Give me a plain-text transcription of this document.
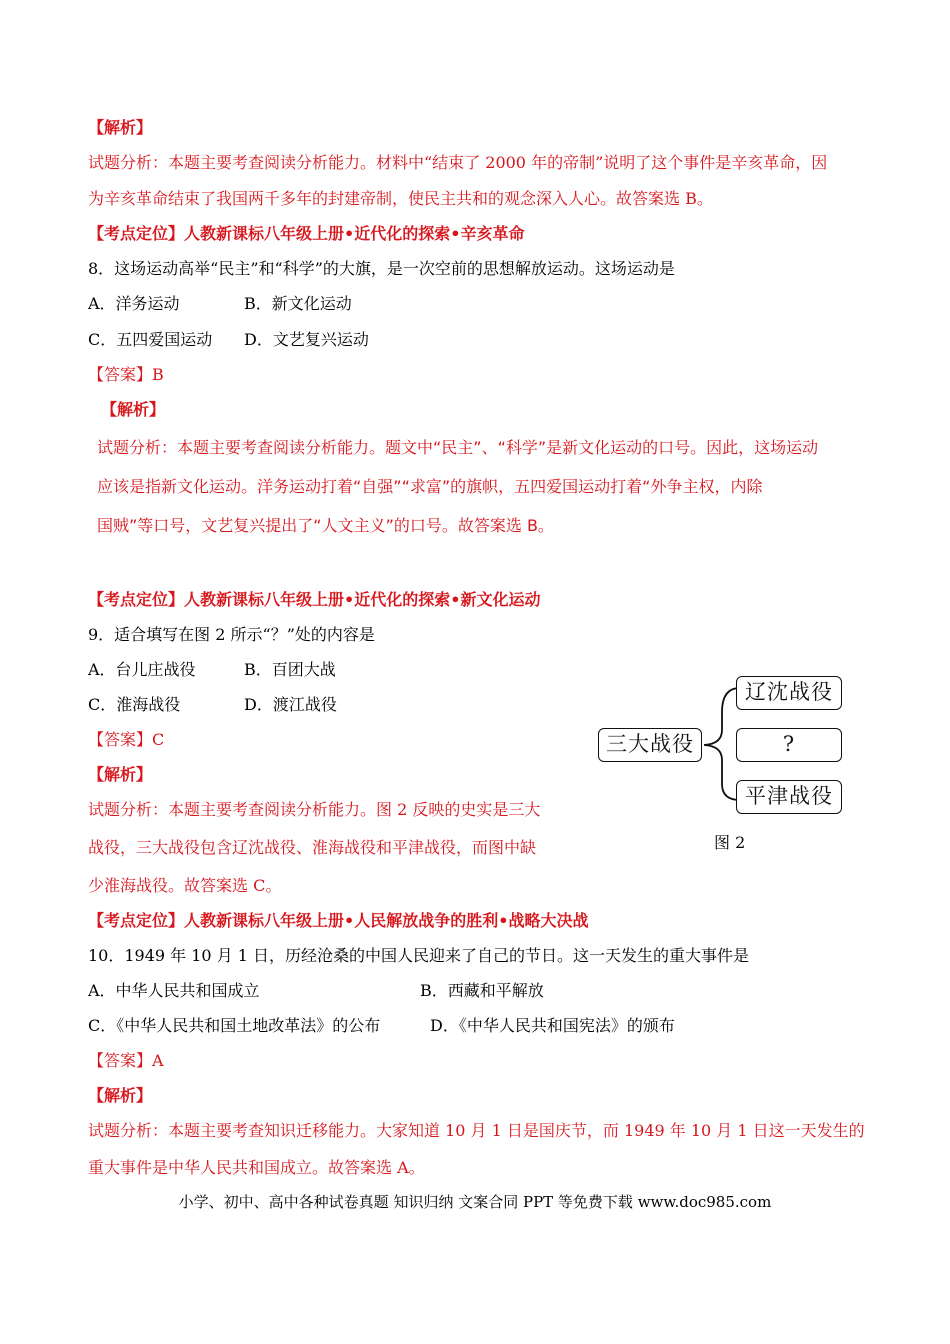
【解析】
试题分析：本题主要考查阅读分析能力。材料中“结束了 2000 年的帝制”说明了这个事件是辛亥革命，因
为辛亥革命结束了我国两千多年的封建帝制，使民主共和的观念深入人心。故答案选 B。
【考点定位】人教新课标八年级上册•近代化的探索•辛亥革命
8．这场运动高举“民主”和“科学”的大旗，是一次空前的思想解放运动。这场运动是
A．洋务运动	B．新文化运动
C．五四爱国运动 D．文艺复兴运动
【答案】B
【解析】
试题分析：本题主要考查阅读分析能力。题文中“民主”、“科学”是新文化运动的口号。因此，这场运动
应该是指新文化运动。洋务运动打着“自强”“求富”的旗帜，五四爱国运动打着“外争主权，内除
国贼”等口号，文艺复兴提出了“人文主义”的口号。故答案选 B。
【考点定位】人教新课标八年级上册•近代化的探索•新文化运动
9．适合填写在图 2 所示“？”处的内容是
A．台儿庄战役	B．百团大战
C．淮海战役	D．渡江战役
【答案】C
【解析】
试题分析：本题主要考查阅读分析能力。图 2 反映的史实是三大
战役，三大战役包含辽沈战役、淮海战役和平津战役，而图中缺
少淮海战役。故答案选 C。
【考点定位】人教新课标八年级上册•人民解放战争的胜利•战略大决战
三大战役
辽沈战役
?
平津战役
图 2
10．1949 年 10 月 1 日，历经沧桑的中国人民迎来了自己的节日。这一天发生的重大事件是
A．中华人民共和国成立	B．西藏和平解放
C．《中华人民共和国土地改革法》的公布	D．《中华人民共和国宪法》的颁布
【答案】A
【解析】
试题分析：本题主要考查知识迁移能力。大家知道 10 月 1 日是国庆节，而 1949 年 10 月 1 日这一天发生的
重大事件是中华人民共和国成立。故答案选 A。
小学、初中、高中各种试卷真题 知识归纳 文案合同 PPT 等免费下载 www.doc985.com
